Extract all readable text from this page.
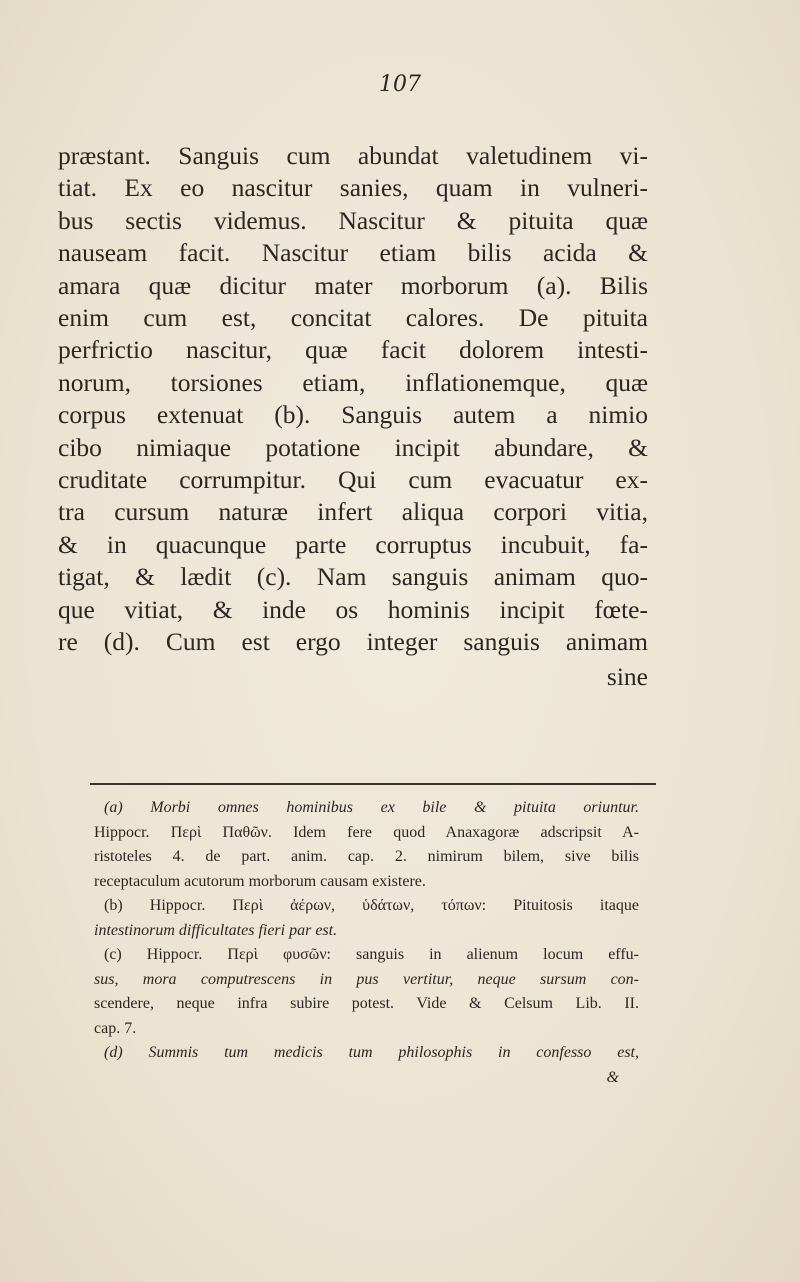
107
præstant. Sanguis cum abundat valetudinem vi-
tiat. Ex eo nascitur sanies, quam in vulneri-
bus sectis videmus. Nascitur & pituita quæ
nauseam facit. Nascitur etiam bilis acida &
amara quæ dicitur mater morborum (a). Bilis
enim cum est, concitat calores. De pituita
perfrictio nascitur, quæ facit dolorem intesti-
norum, torsiones etiam, inflationemque, quæ
corpus extenuat (b). Sanguis autem a nimio
cibo nimiaque potatione incipit abundare, &
cruditate corrumpitur. Qui cum evacuatur ex-
tra cursum naturæ infert aliqua corpori vitia,
& in quacunque parte corruptus incubuit, fa-
tigat, & lædit (c). Nam sanguis animam quo-
que vitiat, & inde os hominis incipit fœte-
re (d). Cum est ergo integer sanguis animam
sine
(a) Morbi omnes hominibus ex bile & pituita oriuntur.
Hippocr. Περὶ Παθῶν. Idem fere quod Anaxagoræ adscripsit A-
ristoteles 4. de part. anim. cap. 2. nimirum bilem, sive bilis
receptaculum acutorum morborum causam existere.
(b) Hippocr. Περὶ ἀέρων, ὑδάτων, τόπων: Pituitosis itaque
intestinorum difficultates fieri par est.
(c) Hippocr. Περὶ φυσῶν: sanguis in alienum locum effu-
sus, mora computrescens in pus vertitur, neque sursum con-
scendere, neque infra subire potest. Vide & Celsum Lib. II.
cap. 7.
(d) Summis tum medicis tum philosophis in confesso est,
&
